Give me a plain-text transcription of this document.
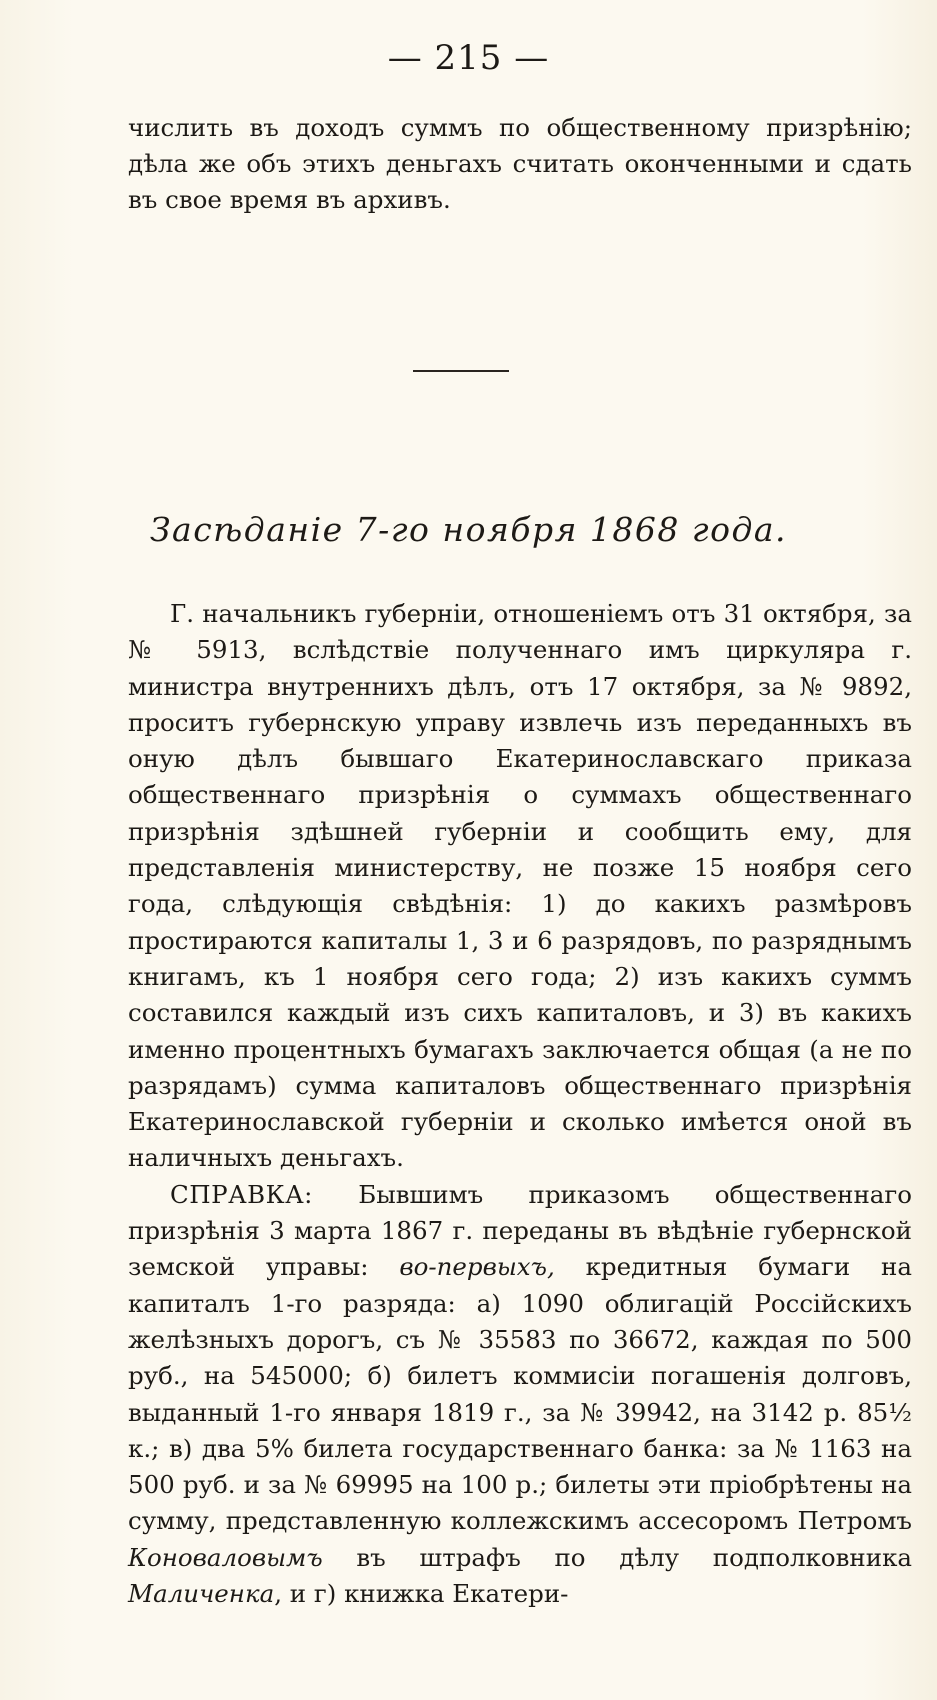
— 215 —

числить въ доходъ суммъ по общественному призрѣнію; дѣла же объ этихъ деньгахъ считать оконченными и сдать въ свое время въ архивъ.

Засѣданіе 7-го ноября 1868 года.

Г. начальникъ губерніи, отношеніемъ отъ 31 октября, за № 5913, вслѣдствіе полученнаго имъ циркуляра г. министра внутреннихъ дѣлъ, отъ 17 октября, за № 9892, проситъ губернскую управу извлечь изъ переданныхъ въ оную дѣлъ бывшаго Екатеринославскаго приказа общественнаго призрѣнія о суммахъ общественнаго призрѣнія здѣшней губерніи и сообщить ему, для представленія министерству, не позже 15 ноября сего года, слѣдующія свѣдѣнія: 1) до какихъ размѣровъ простираются капиталы 1, 3 и 6 разрядовъ, по разряднымъ книгамъ, къ 1 ноября сего года; 2) изъ какихъ суммъ составился каждый изъ сихъ капиталовъ, и 3) въ какихъ именно процентныхъ бумагахъ заключается общая (а не по разрядамъ) сумма капиталовъ общественнаго призрѣнія Екатеринославской губерніи и сколько имѣется оной въ наличныхъ деньгахъ.

СПРАВКА: Бывшимъ приказомъ общественнаго призрѣнія 3 марта 1867 г. переданы въ вѣдѣніе губернской земской управы: во-первыхъ, кредитныя бумаги на капиталъ 1-го разряда: а) 1090 облигацій Россійскихъ желѣзныхъ дорогъ, съ № 35583 по 36672, каждая по 500 руб., на 545000; б) билетъ коммисіи погашенія долговъ, выданный 1-го января 1819 г., за № 39942, на 3142 р. 85½ к.; в) два 5% билета государственнаго банка: за № 1163 на 500 руб. и за № 69995 на 100 р.; билеты эти пріобрѣтены на сумму, представленную коллежскимъ ассесоромъ Петромъ Коноваловымъ въ штрафъ по дѣлу подполковника Маличенка, и г) книжка Екатери-
